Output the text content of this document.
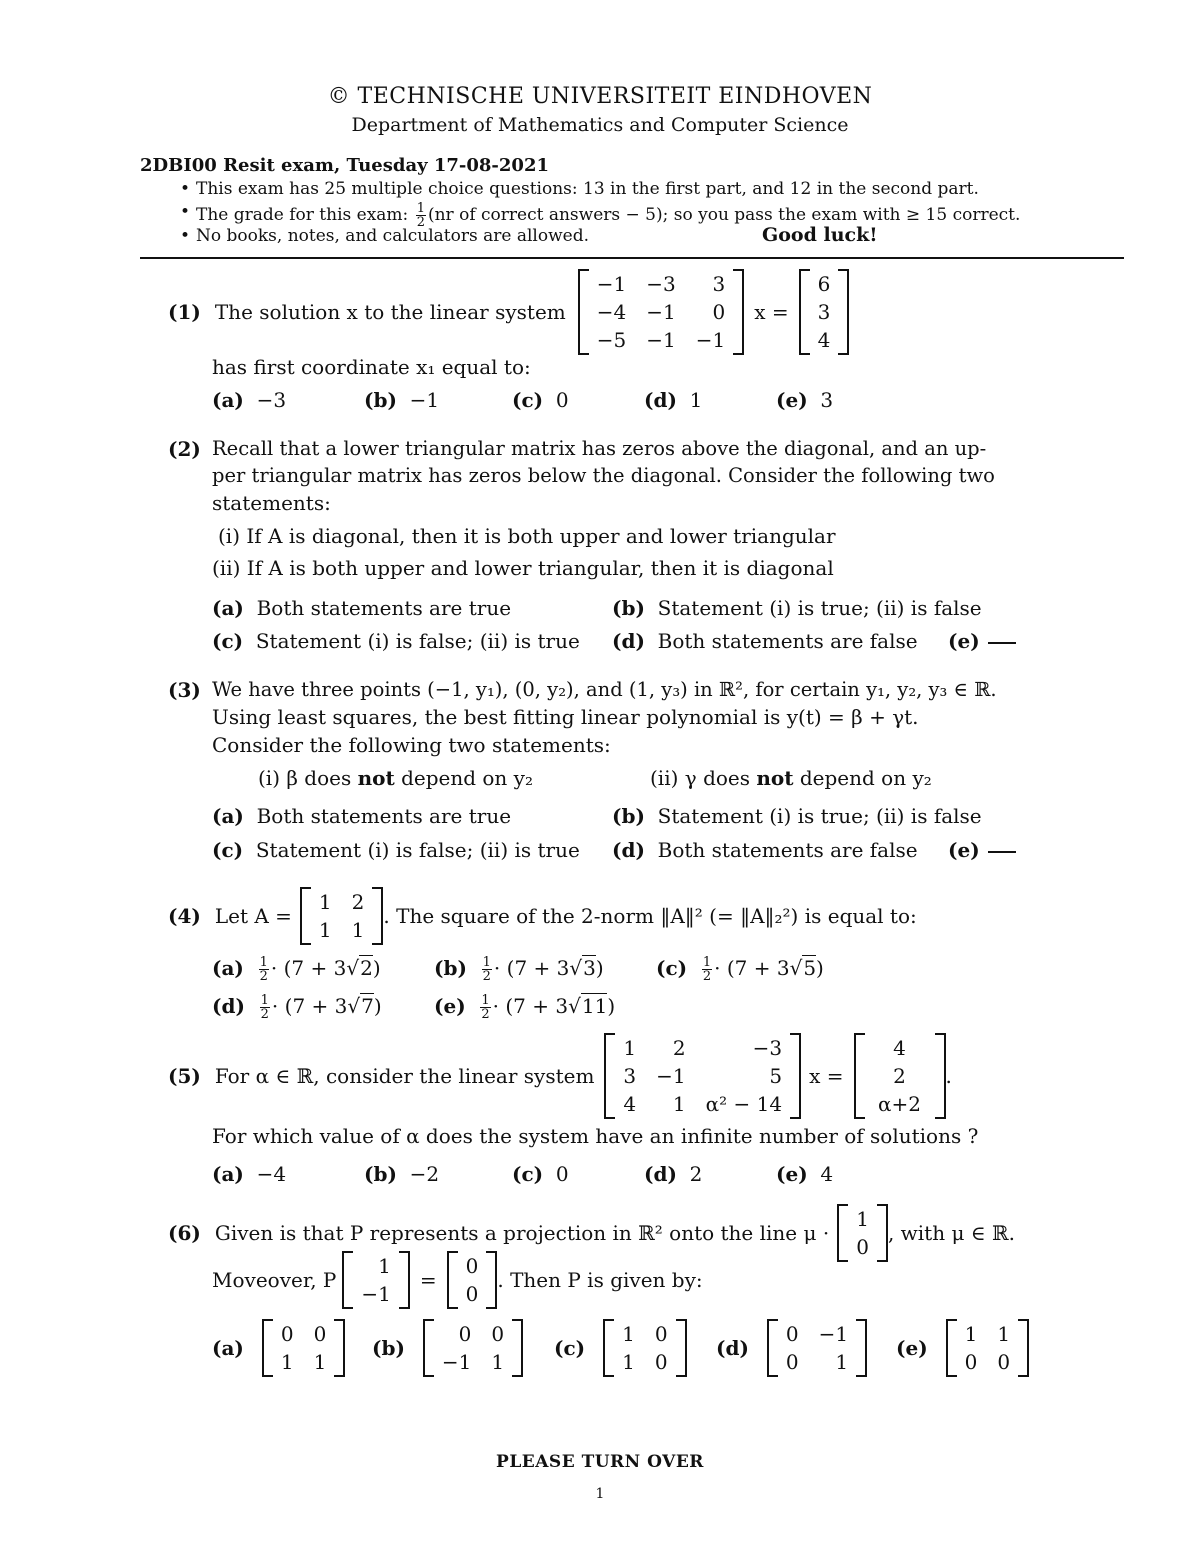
© TECHNISCHE UNIVERSITEIT EINDHOVEN
Department of Mathematics and Computer Science
2DBI00 Resit exam, Tuesday 17-08-2021
• This exam has 25 multiple choice questions: 13 in the first part, and 12 in the second part.
• The grade for this exam: $\frac{1}{2} (nr$ of correct answers − 5); so you pass the exam with ≥ 15 correct.
• No books, notes, and calculators are allowed.	Good luck!
(1) The solution x to the linear system
−1 −3	3
−4 −1	0
−5 −1 −1
x =
6
3
4
has first coordinate x₁ equal to:
(a) −3	(b) −1	(c) 0	(d) 1	(e) 3
(2) Recall that a lower triangular matrix has zeros above the diagonal, and an up-
per triangular matrix has zeros below the diagonal. Consider the following two
statements:
(i) If A is diagonal, then it is both upper and lower triangular
(ii) If A is both upper and lower triangular, then it is diagonal
(a) Both statements are true	(b) Statement (i) is true; (ii) is false
(c) Statement (i) is false; (ii) is true (d) Both statements are false (e)
(3) We have three points (−1, y₁), (0, y₂), and (1, y₃) in ℝ², for certain y₁, y₂, y₃ ∈ ℝ.
Using least squares, the best fitting linear polynomial is y(t) = β + γt.
Consider the following two statements:
(i) β does not depend on y₂	(ii) γ does not depend on y₂
(a) Both statements are true	(b) Statement (i) is true; (ii) is false
(c) Statement (i) is false; (ii) is true (d) Both statements are false (e)
(4) Let A =
1 2
1 1
. The square of the 2-norm ‖A‖² (= ‖A‖₂²) is equal to:
$(a) \frac{1}{2} \cdot (7 + 3√2)$	$(b) \frac{1}{2} \cdot (7 + 3√3)$	$(c) \frac{1}{2} \cdot (7 + 3√5)$
$(d) \frac{1}{2} \cdot (7 + 3√7)$	$(e) \frac{1}{2} \cdot (7 + 3√11)$
(5) For α ∈ ℝ, consider the linear system
1	2	−3
3 −1	5
4	1 α² − 14
x =
4
2
α+2
.
For which value of α does the system have an infinite number of solutions ?
(a) −4	(b) −2	(c) 0	(d) 2	(e) 4
(6) Given is that P represents a projection in ℝ² onto the line μ ·
1
0
, with μ ∈ ℝ.
Moveover, P
1
−1
=
0
0
. Then P is given by:
(a)
0 0
1 1
(b)
0 0
−1 1
(c)
1 0
1 0
(d)
0 −1
0	1
(e)
1 1
0 0
PLEASE TURN OVER
1
